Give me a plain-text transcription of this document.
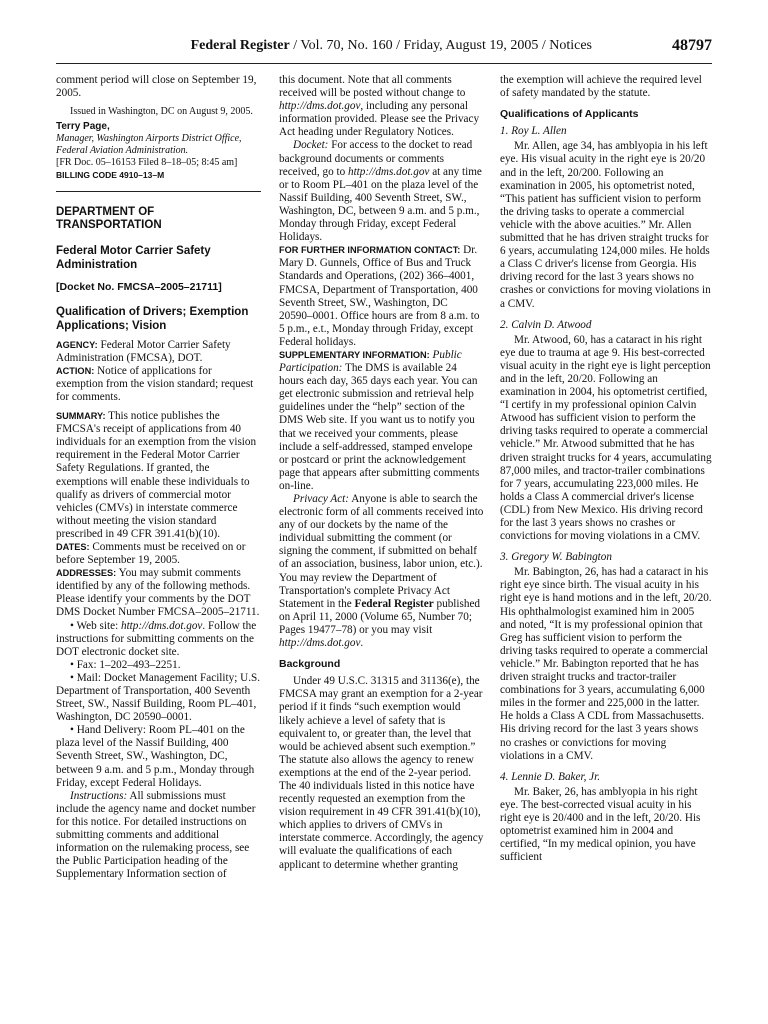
Federal Register / Vol. 70, No. 160 / Friday, August 19, 2005 / Notices	48797

comment period will close on September 19, 2005.

Issued in Washington, DC on August 9, 2005.

Terry Page,

Manager, Washington Airports District Office, Federal Aviation Administration.

[FR Doc. 05–16153 Filed 8–18–05; 8:45 am]

BILLING CODE 4910–13–M

DEPARTMENT OF TRANSPORTATION

Federal Motor Carrier Safety Administration

[Docket No. FMCSA–2005–21711]

Qualification of Drivers; Exemption Applications; Vision

AGENCY: Federal Motor Carrier Safety Administration (FMCSA), DOT.

ACTION: Notice of applications for exemption from the vision standard; request for comments.

SUMMARY: This notice publishes the FMCSA's receipt of applications from 40 individuals for an exemption from the vision requirement in the Federal Motor Carrier Safety Regulations. If granted, the exemptions will enable these individuals to qualify as drivers of commercial motor vehicles (CMVs) in interstate commerce without meeting the vision standard prescribed in 49 CFR 391.41(b)(10).

DATES: Comments must be received on or before September 19, 2005.

ADDRESSES: You may submit comments identified by any of the following methods. Please identify your comments by the DOT DMS Docket Number FMCSA–2005–21711.

• Web site: http://dms.dot.gov. Follow the instructions for submitting comments on the DOT electronic docket site.

• Fax: 1–202–493–2251.

• Mail: Docket Management Facility; U.S. Department of Transportation, 400 Seventh Street, SW., Nassif Building, Room PL–401, Washington, DC 20590–0001.

• Hand Delivery: Room PL–401 on the plaza level of the Nassif Building, 400 Seventh Street, SW., Washington, DC, between 9 a.m. and 5 p.m., Monday through Friday, except Federal Holidays.

Instructions: All submissions must include the agency name and docket number for this notice. For detailed instructions on submitting comments and additional information on the rulemaking process, see the Public Participation heading of the Supplementary Information section of

this document. Note that all comments received will be posted without change to http://dms.dot.gov, including any personal information provided. Please see the Privacy Act heading under Regulatory Notices.

Docket: For access to the docket to read background documents or comments received, go to http://dms.dot.gov at any time or to Room PL–401 on the plaza level of the Nassif Building, 400 Seventh Street, SW., Washington, DC, between 9 a.m. and 5 p.m., Monday through Friday, except Federal Holidays.

FOR FURTHER INFORMATION CONTACT: Dr. Mary D. Gunnels, Office of Bus and Truck Standards and Operations, (202) 366–4001, FMCSA, Department of Transportation, 400 Seventh Street, SW., Washington, DC 20590–0001. Office hours are from 8 a.m. to 5 p.m., e.t., Monday through Friday, except Federal holidays.

SUPPLEMENTARY INFORMATION: Public Participation: The DMS is available 24 hours each day, 365 days each year. You can get electronic submission and retrieval help guidelines under the “help” section of the DMS Web site. If you want us to notify you that we received your comments, please include a self-addressed, stamped envelope or postcard or print the acknowledgement page that appears after submitting comments on-line.

Privacy Act: Anyone is able to search the electronic form of all comments received into any of our dockets by the name of the individual submitting the comment (or signing the comment, if submitted on behalf of an association, business, labor union, etc.). You may review the Department of Transportation's complete Privacy Act Statement in the Federal Register published on April 11, 2000 (Volume 65, Number 70; Pages 19477–78) or you may visit http://dms.dot.gov.

Background

Under 49 U.S.C. 31315 and 31136(e), the FMCSA may grant an exemption for a 2-year period if it finds “such exemption would likely achieve a level of safety that is equivalent to, or greater than, the level that would be achieved absent such exemption.” The statute also allows the agency to renew exemptions at the end of the 2-year period. The 40 individuals listed in this notice have recently requested an exemption from the vision requirement in 49 CFR 391.41(b)(10), which applies to drivers of CMVs in interstate commerce. Accordingly, the agency will evaluate the qualifications of each applicant to determine whether granting

the exemption will achieve the required level of safety mandated by the statute.

Qualifications of Applicants

1. Roy L. Allen

Mr. Allen, age 34, has amblyopia in his left eye. His visual acuity in the right eye is 20/20 and in the left, 20/200. Following an examination in 2005, his optometrist noted, “This patient has sufficient vision to perform the driving tasks to operate a commercial vehicle with the above acuities.” Mr. Allen submitted that he has driven straight trucks for 6 years, accumulating 124,000 miles. He holds a Class C driver's license from Georgia. His driving record for the last 3 years shows no crashes or convictions for moving violations in a CMV.

2. Calvin D. Atwood

Mr. Atwood, 60, has a cataract in his right eye due to trauma at age 9. His best-corrected visual acuity in the right eye is light perception and in the left, 20/20. Following an examination in 2004, his optometrist certified, “I certify in my professional opinion Calvin Atwood has sufficient vision to perform the driving tasks required to operate a commercial vehicle.” Mr. Atwood submitted that he has driven straight trucks for 4 years, accumulating 87,000 miles, and tractor-trailer combinations for 7 years, accumulating 223,000 miles. He holds a Class A commercial driver's license (CDL) from New Mexico. His driving record for the last 3 years shows no crashes or convictions for moving violations in a CMV.

3. Gregory W. Babington

Mr. Babington, 26, has had a cataract in his right eye since birth. The visual acuity in his right eye is hand motions and in the left, 20/20. His ophthalmologist examined him in 2005 and noted, “It is my professional opinion that Greg has sufficient vision to perform the driving tasks required to operate a commercial vehicle.” Mr. Babington reported that he has driven straight trucks and tractor-trailer combinations for 3 years, accumulating 6,000 miles in the former and 225,000 in the latter. He holds a Class A CDL from Massachusetts. His driving record for the last 3 years shows no crashes or convictions for moving violations in a CMV.

4. Lennie D. Baker, Jr.

Mr. Baker, 26, has amblyopia in his right eye. The best-corrected visual acuity in his right eye is 20/400 and in the left, 20/20. His optometrist examined him in 2004 and certified, “In my medical opinion, you have sufficient
